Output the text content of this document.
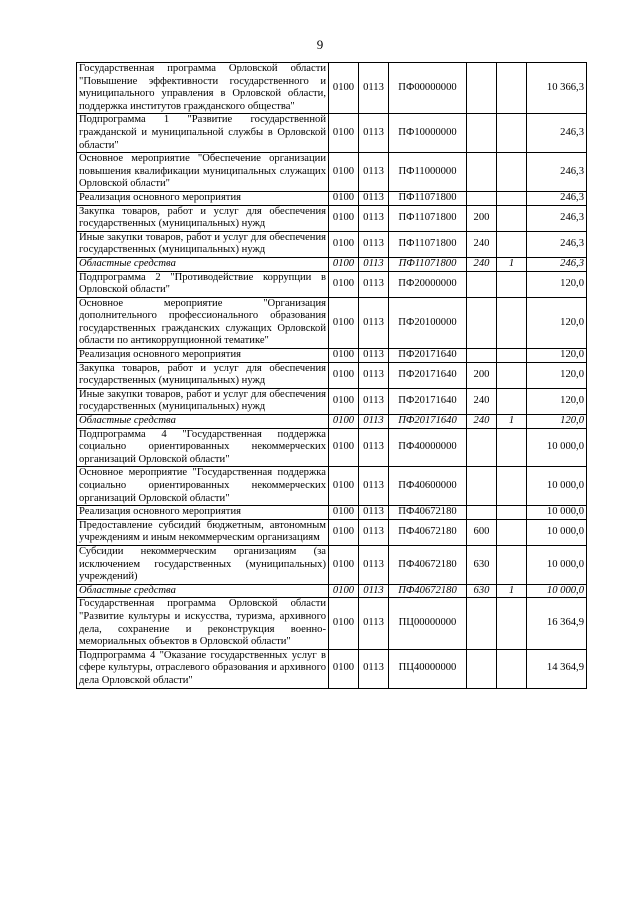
9
Государственная программа Орловской области "Повышение эффективности государственного и муниципального управления в Орловской области, поддержка институтов гражданского общества"	0100	0113	ПФ00000000			10 366,3
Подпрограмма 1 "Развитие государственной гражданской и муниципальной службы в Орловской области"	0100	0113	ПФ10000000			246,3
Основное мероприятие "Обеспечение организации повышения квалификации муниципальных служащих Орловской области"	0100	0113	ПФ11000000			246,3
Реализация основного мероприятия	0100	0113	ПФ11071800			246,3
Закупка товаров, работ и услуг для обеспечения государственных (муниципальных) нужд	0100	0113	ПФ11071800	200		246,3
Иные закупки товаров, работ и услуг для обеспечения государственных (муниципальных) нужд	0100	0113	ПФ11071800	240		246,3
Областные средства	0100	0113	ПФ11071800	240	1	246,3
Подпрограмма 2 "Противодействие коррупции в Орловской области"	0100	0113	ПФ20000000			120,0
Основное мероприятие "Организация дополнительного профессионального образования государственных гражданских служащих Орловской области по антикоррупционной тематике"	0100	0113	ПФ20100000			120,0
Реализация основного мероприятия	0100	0113	ПФ20171640			120,0
Закупка товаров, работ и услуг для обеспечения государственных (муниципальных) нужд	0100	0113	ПФ20171640	200		120,0
Иные закупки товаров, работ и услуг для обеспечения государственных (муниципальных) нужд	0100	0113	ПФ20171640	240		120,0
Областные средства	0100	0113	ПФ20171640	240	1	120,0
Подпрограмма 4 "Государственная поддержка социально ориентированных некоммерческих организаций Орловской области"	0100	0113	ПФ40000000			10 000,0
Основное мероприятие "Государственная поддержка социально ориентированных некоммерческих организаций Орловской области"	0100	0113	ПФ40600000			10 000,0
Реализация основного мероприятия	0100	0113	ПФ40672180			10 000,0
Предоставление субсидий бюджетным, автономным учреждениям и иным некоммерческим организациям	0100	0113	ПФ40672180	600		10 000,0
Субсидии некоммерческим организациям (за исключением государственных (муниципальных) учреждений)	0100	0113	ПФ40672180	630		10 000,0
Областные средства	0100	0113	ПФ40672180	630	1	10 000,0
Государственная программа Орловской области "Развитие культуры и искусства, туризма, архивного дела, сохранение и реконструкция военно-мемориальных объектов в Орловской области"	0100	0113	ПЦ00000000			16 364,9
Подпрограмма 4 "Оказание государственных услуг в сфере культуры, отраслевого образования и архивного дела Орловской области"	0100	0113	ПЦ40000000			14 364,9
